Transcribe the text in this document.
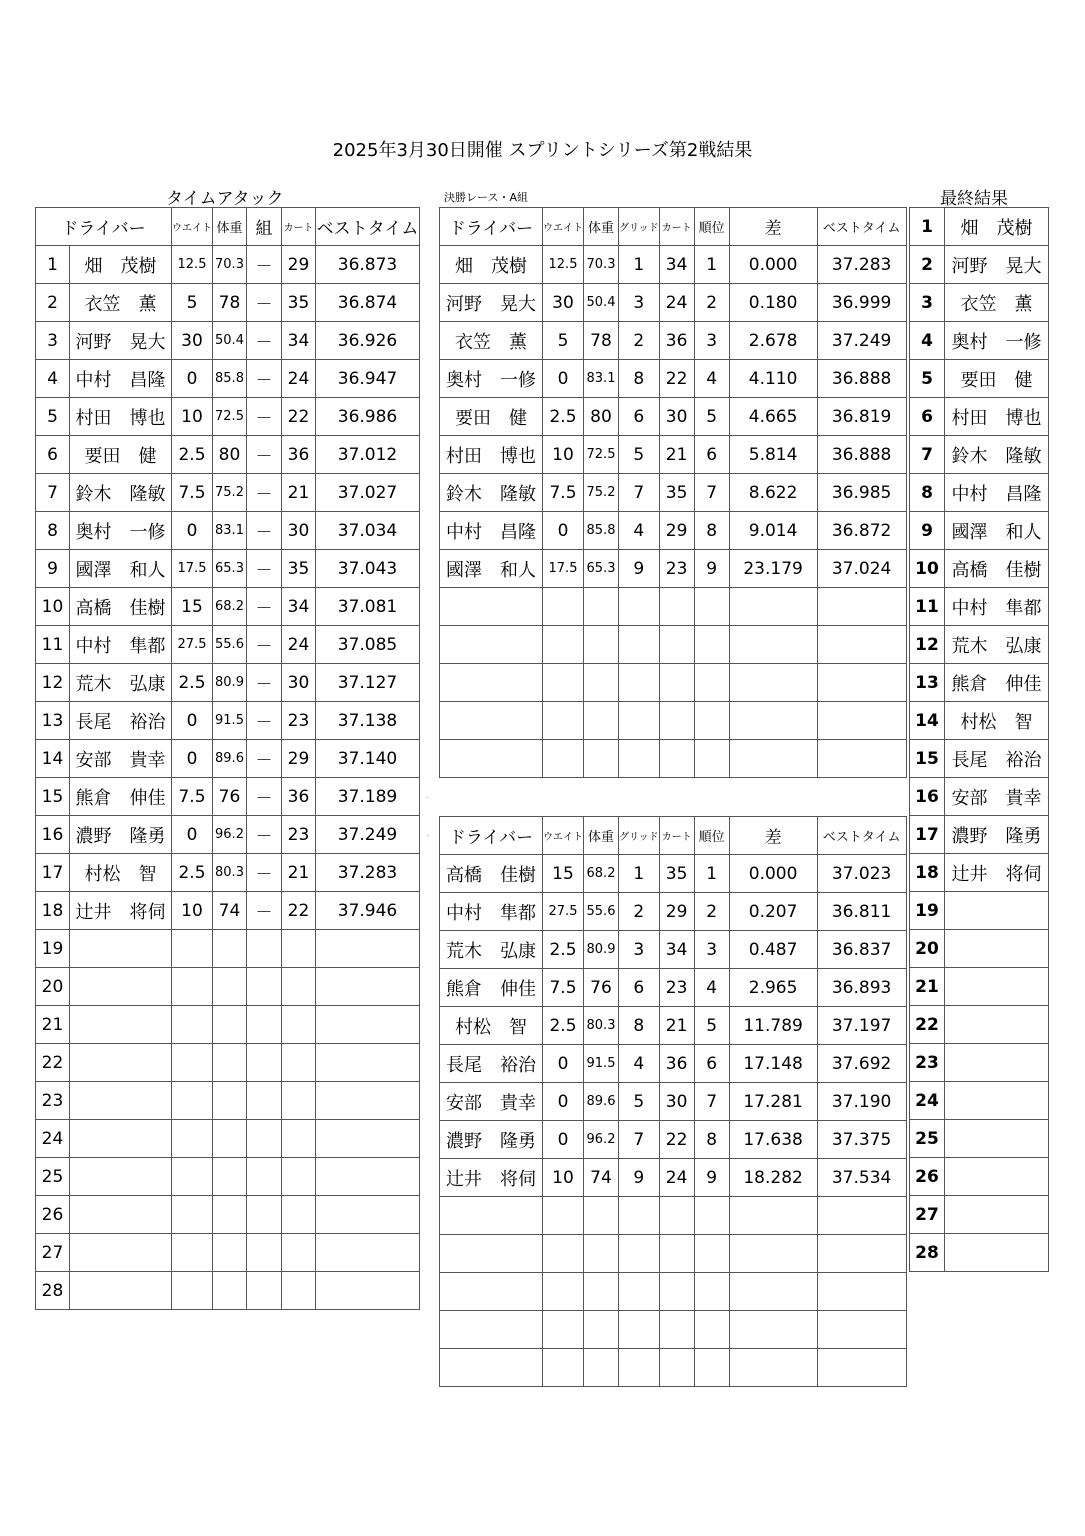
2025年3月30日開催 スプリントシリーズ第2戦結果
タイムアタック	決勝レース・A組	最終結果
ドライバー		ウエイト	体重	組	カート	ベストタイム
1	畑　茂樹	12.5	70.3	－	29	36.873
2	衣笠　薫	5	78	－	35	36.874
3	河野　晃大	30	50.4	－	34	36.926
4	中村　昌隆	0	85.8	－	24	36.947
5	村田　博也	10	72.5	－	22	36.986
6	要田　健	2.5	80	－	36	37.012
7	鈴木　隆敏	7.5	75.2	－	21	37.027
8	奥村　一修	0	83.1	－	30	37.034
9	國澤　和人	17.5	65.3	－	35	37.043
10	高橋　佳樹	15	68.2	－	34	37.081
11	中村　隼都	27.5	55.6	－	24	37.085
12	荒木　弘康	2.5	80.9	－	30	37.127
13	長尾　裕治	0	91.5	－	23	37.138
14	安部　貴幸	0	89.6	－	29	37.140
15	熊倉　伸佳	7.5	76	－	36	37.189
16	濃野　隆勇	0	96.2	－	23	37.249
17	村松　智	2.5	80.3	－	21	37.283
18	辻井　将伺	10	74	－	22	37.946
19						
20						
21						
22						
23						
24						
25						
26						
27						
28						
ドライバー	ウエイト	体重	グリッド	カート	順位	差	ベストタイム
畑　茂樹	12.5	70.3	1	34	1	0.000	37.283
河野　晃大	30	50.4	3	24	2	0.180	36.999
衣笠　薫	5	78	2	36	3	2.678	37.249
奥村　一修	0	83.1	8	22	4	4.110	36.888
要田　健	2.5	80	6	30	5	4.665	36.819
村田　博也	10	72.5	5	21	6	5.814	36.888
鈴木　隆敏	7.5	75.2	7	35	7	8.622	36.985
中村　昌隆	0	85.8	4	29	8	9.014	36.872
國澤　和人	17.5	65.3	9	23	9	23.179	37.024

ドライバー	ウエイト	体重	グリッド	カート	順位	差	ベストタイム
高橋　佳樹	15	68.2	1	35	1	0.000	37.023
中村　隼都	27.5	55.6	2	29	2	0.207	36.811
荒木　弘康	2.5	80.9	3	34	3	0.487	36.837
熊倉　伸佳	7.5	76	6	23	4	2.965	36.893
村松　智	2.5	80.3	8	21	5	11.789	37.197
長尾　裕治	0	91.5	4	36	6	17.148	37.692
安部　貴幸	0	89.6	5	30	7	17.281	37.190
濃野　隆勇	0	96.2	7	22	8	17.638	37.375
辻井　将伺	10	74	9	24	9	18.282	37.534

1	畑　茂樹
2	河野　晃大
3	衣笠　薫
4	奥村　一修
5	要田　健
6	村田　博也
7	鈴木　隆敏
8	中村　昌隆
9	國澤　和人
10	高橋　佳樹
11	中村　隼都
12	荒木　弘康
13	熊倉　伸佳
14	村松　智
15	長尾　裕治
16	安部　貴幸
17	濃野　隆勇
18	辻井　将伺
19	
20	
21	
22	
23	
24	
25	
26	
27	
28	
‐
‐
